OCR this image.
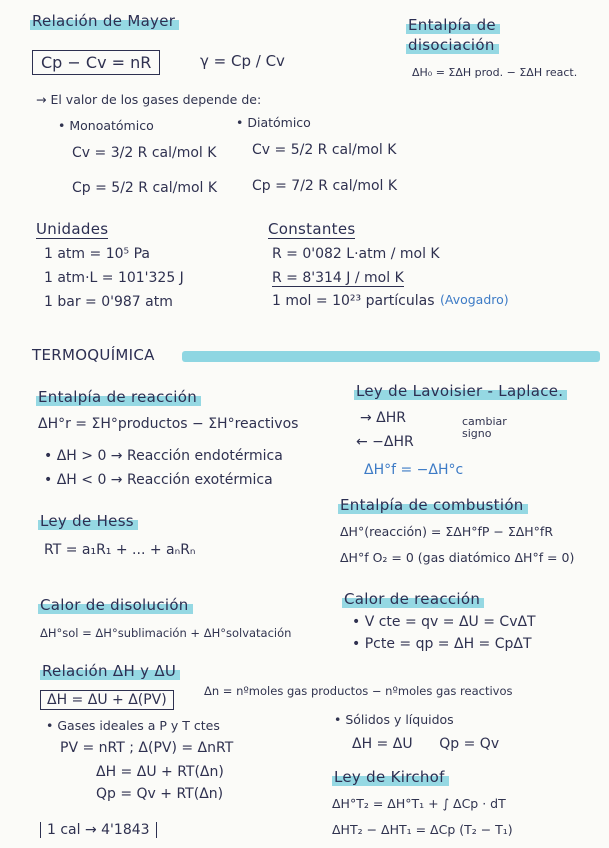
Relación de Mayer
Cp − Cv = nR	γ = Cp / Cv
→ El valor de los gases depende de:
• Monoatómico
Cv = 3/2 R cal/mol K
Cp = 5/2 R cal/mol K
• Diatómico
Cv = 5/2 R cal/mol K
Cp = 7/2 R cal/mol K
Entalpía de
disociación
ΔH₀ = ΣΔH prod. − ΣΔH react.
Unidades
1 atm = 10⁵ Pa
1 atm·L = 101'325 J
1 bar = 0'987 atm
Constantes
R = 0'082 L·atm / mol K
R = 8'314 J / mol K
1 mol = 10²³ partículas (Avogadro)
TERMOQUÍMICA
Entalpía de reacción
ΔH°r = ΣH°productos − ΣH°reactivos
• ΔH > 0 → Reacción endotérmica
• ΔH < 0 → Reacción exotérmica
Ley de Lavoisier - Laplace.
→ ΔHR
← −ΔHR
cambiar signo
ΔH°f = −ΔH°c
Ley de Hess
RT = a₁R₁ + ... + aₙRₙ
Entalpía de combustión
ΔH°(reacción) = ΣΔH°fP − ΣΔH°fR
ΔH°f O₂ = 0 (gas diatómico ΔH°f = 0)
Calor de disolución
ΔH°sol = ΔH°sublimación + ΔH°solvatación
Calor de reacción
• V cte = qv = ΔU = CvΔT
• Pcte = qp = ΔH = CpΔT
Relación ΔH y ΔU
ΔH = ΔU + Δ(PV)
Δn = nºmoles gas productos − nºmoles gas reactivos
• Gases ideales a P y T ctes
PV = nRT ; Δ(PV) = ΔnRT
ΔH = ΔU + RT(Δn)
Qp = Qv + RT(Δn)
1 cal → 4'1843
• Sólidos y líquidos
ΔH = ΔU      Qp = Qv
Ley de Kirchof
ΔH°T₂ = ΔH°T₁ + ∫ ΔCp · dT
ΔHT₂ − ΔHT₁ = ΔCp (T₂ − T₁)
